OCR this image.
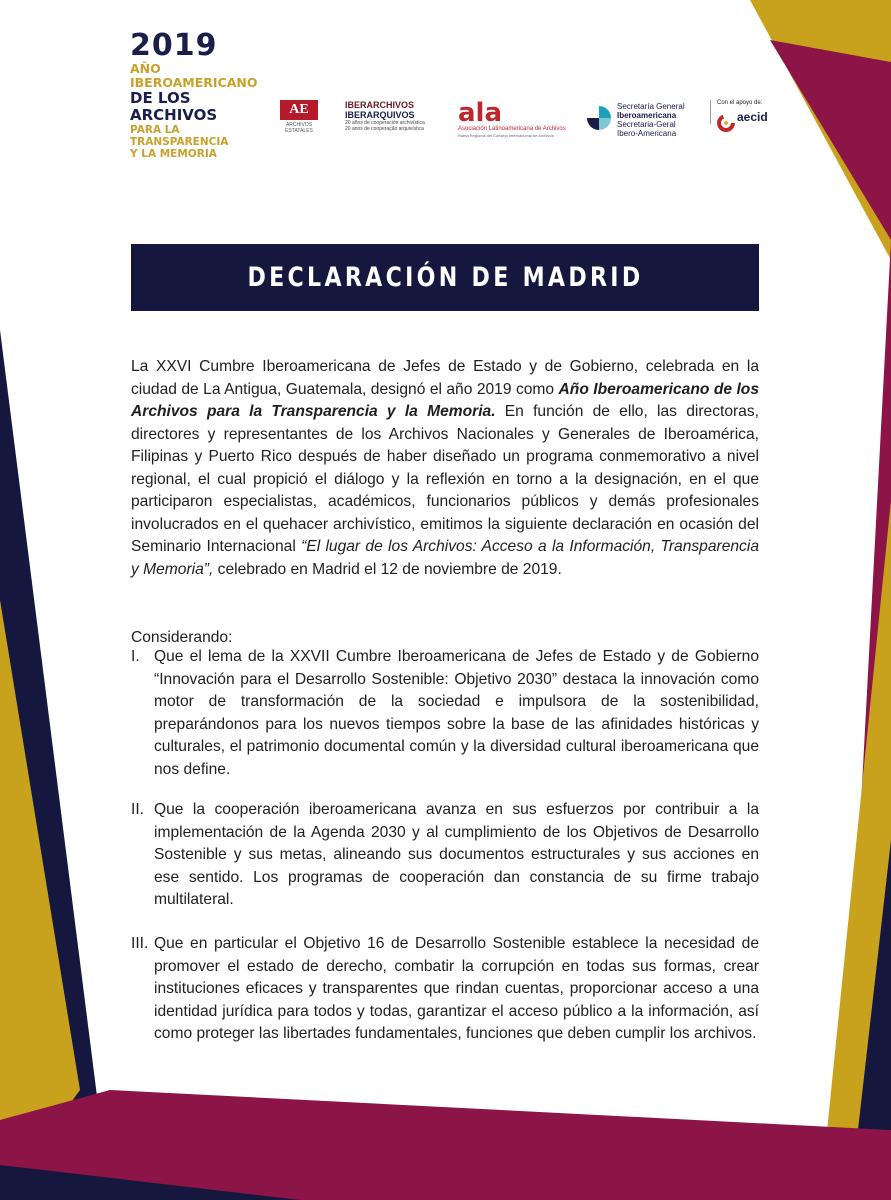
2019
AÑO IBEROAMERICANO
DE LOS ARCHIVOS
PARA LA TRANSPARENCIA
Y LA MEMORIA
AE
ARCHIVOS ESTATALES
IBERARCHIVOS
IBERARQUIVOS
20 años de cooperación archivística
20 anos de cooperação arquivística
ala
Asociación Latinoamericana de Archivos
Rama Regional del Consejo Internacional de Archivos
Secretaría General
Iberoamericana
Secretaria-Geral
Ibero-Americana
Con el apoyo de:
aecid
DECLARACIÓN DE MADRID

La XXVI Cumbre Iberoamericana de Jefes de Estado y de Gobierno, celebrada en la ciudad de La Antigua, Guatemala, designó el año 2019 como Año Iberoamericano de los Archivos para la Transparencia y la Memoria. En función de ello, las directoras, directores y representantes de los Archivos Nacionales y Generales de Iberoamérica, Filipinas y Puerto Rico después de haber diseñado un programa conmemorativo a nivel regional, el cual propició el diálogo y la reflexión en torno a la designación, en el que participaron especialistas, académicos, funcionarios públicos y demás profesionales involucrados en el quehacer archivístico, emitimos la siguiente declaración en ocasión del Seminario Internacional “El lugar de los Archivos: Acceso a la Información, Transparencia y Memoria”, celebrado en Madrid el 12 de noviembre de 2019.

Considerando:

I. Que el lema de la XXVII Cumbre Iberoamericana de Jefes de Estado y de Gobierno “Innovación para el Desarrollo Sostenible: Objetivo 2030” destaca la innovación como motor de transformación de la sociedad e impulsora de la sostenibilidad, preparándonos para los nuevos tiempos sobre la base de las afinidades históricas y culturales, el patrimonio documental común y la diversidad cultural iberoamericana que nos define.
II. Que la cooperación iberoamericana avanza en sus esfuerzos por contribuir a la implementación de la Agenda 2030 y al cumplimiento de los Objetivos de Desarrollo Sostenible y sus metas, alineando sus documentos estructurales y sus acciones en ese sentido. Los programas de cooperación dan constancia de su firme trabajo multilateral.
III. Que en particular el Objetivo 16 de Desarrollo Sostenible establece la necesidad de promover el estado de derecho, combatir la corrupción en todas sus formas, crear instituciones eficaces y transparentes que rindan cuentas, proporcionar acceso a una identidad jurídica para todos y todas, garantizar el acceso público a la información, así como proteger las libertades fundamentales, funciones que deben cumplir los archivos.
